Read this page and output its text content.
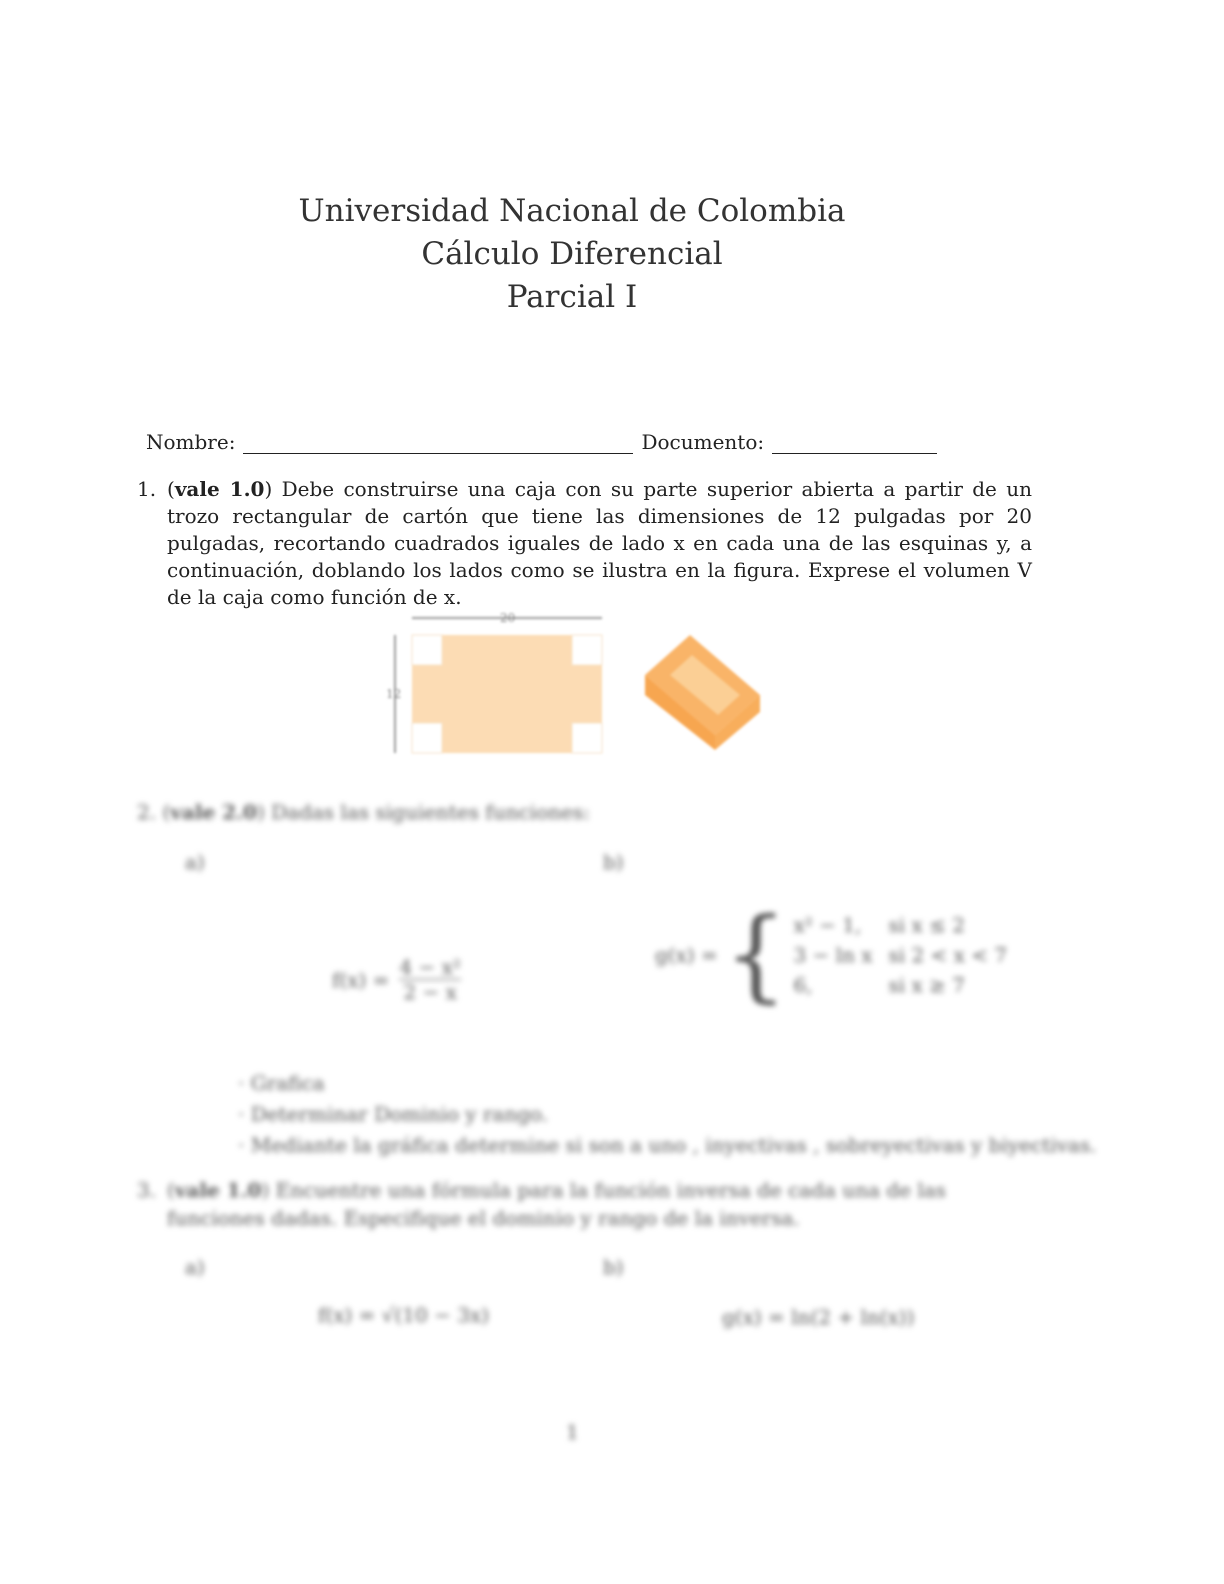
Universidad Nacional de Colombia
Cálculo Diferencial
Parcial I
Nombre:	Documento:
1. (vale 1.0) Debe construirse una caja con su parte superior abierta a partir de un trozo rectangular de cartón que tiene las dimensiones de 12 pulgadas por 20 pulgadas, recortando cuadrados iguales de lado x en cada una de las esquinas y, a continuación, doblando los lados como se ilustra en la figura. Exprese el volumen V de la caja como función de x.
20
12
2. (vale 2.0) Dadas las siguientes funciones:
a)	b)
$f(x) = \frac{\text{4 − x²}}{2 - x}$	g(x) = { x² − 1,	si x ≤ 2
3 − ln x si 2 < x < 7
6,	si x ≥ 7
· Grafica
· Determinar Dominio y rango.
· Mediante la gráfica determine si son a uno , inyectivas , sobreyectivas y biyectivas.
3. (vale 1.0) Encuentre una fórmula para la función inversa de cada una de las funciones dadas. Especifique el dominio y rango de la inversa.
a)	b)
f(x) = √(10 − 3x)	g(x) = ln(2 + ln(x))
1
